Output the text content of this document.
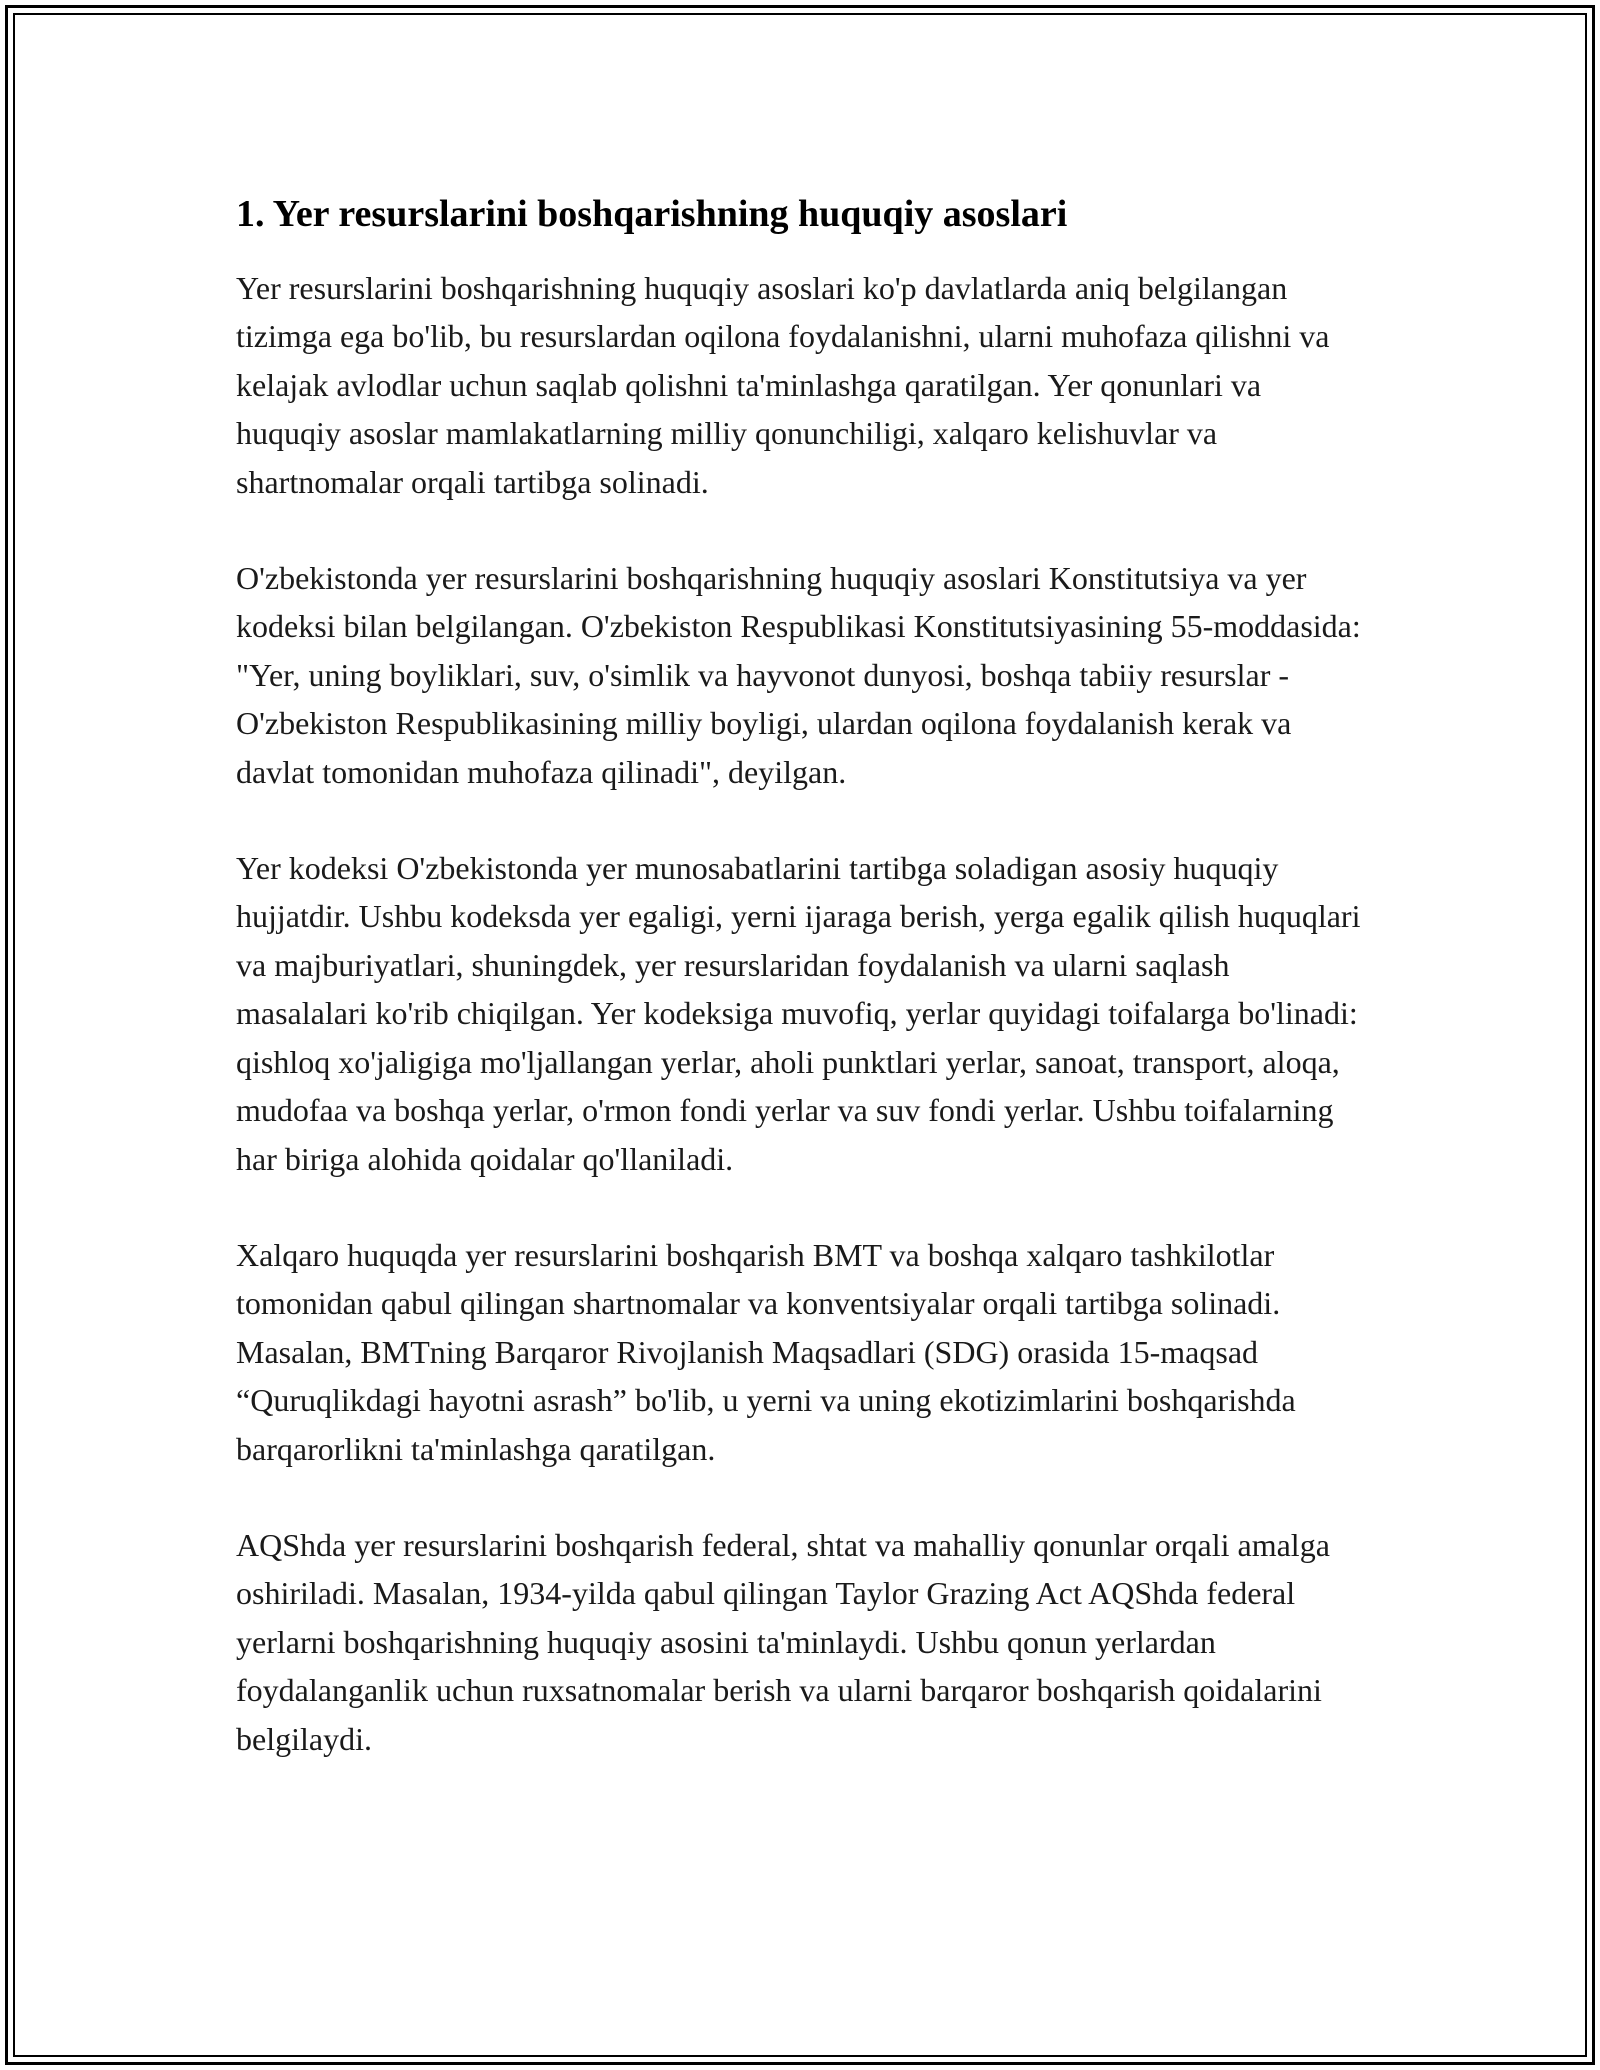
1. Yer resurslarini boshqarishning huquqiy asoslari

Yer resurslarini boshqarishning huquqiy asoslari ko'p davlatlarda aniq belgilangan tizimga ega bo'lib, bu resurslardan oqilona foydalanishni, ularni muhofaza qilishni va kelajak avlodlar uchun saqlab qolishni ta'minlashga qaratilgan. Yer qonunlari va huquqiy asoslar mamlakatlarning milliy qonunchiligi, xalqaro kelishuvlar va shartnomalar orqali tartibga solinadi.

O'zbekistonda yer resurslarini boshqarishning huquqiy asoslari Konstitutsiya va yer kodeksi bilan belgilangan. O'zbekiston Respublikasi Konstitutsiyasining 55-moddasida: "Yer, uning boyliklari, suv, o'simlik va hayvonot dunyosi, boshqa tabiiy resurslar - O'zbekiston Respublikasining milliy boyligi, ulardan oqilona foydalanish kerak va davlat tomonidan muhofaza qilinadi", deyilgan.

Yer kodeksi O'zbekistonda yer munosabatlarini tartibga soladigan asosiy huquqiy hujjatdir. Ushbu kodeksda yer egaligi, yerni ijaraga berish, yerga egalik qilish huquqlari va majburiyatlari, shuningdek, yer resurslaridan foydalanish va ularni saqlash masalalari ko'rib chiqilgan. Yer kodeksiga muvofiq, yerlar quyidagi toifalarga bo'linadi: qishloq xo'jaligiga mo'ljallangan yerlar, aholi punktlari yerlar, sanoat, transport, aloqa, mudofaa va boshqa yerlar, o'rmon fondi yerlar va suv fondi yerlar. Ushbu toifalarning har biriga alohida qoidalar qo'llaniladi.

Xalqaro huquqda yer resurslarini boshqarish BMT va boshqa xalqaro tashkilotlar tomonidan qabul qilingan shartnomalar va konventsiyalar orqali tartibga solinadi. Masalan, BMTning Barqaror Rivojlanish Maqsadlari (SDG) orasida 15-maqsad “Quruqlikdagi hayotni asrash” bo'lib, u yerni va uning ekotizimlarini boshqarishda barqarorlikni ta'minlashga qaratilgan.

AQShda yer resurslarini boshqarish federal, shtat va mahalliy qonunlar orqali amalga oshiriladi. Masalan, 1934-yilda qabul qilingan Taylor Grazing Act AQShda federal yerlarni boshqarishning huquqiy asosini ta'minlaydi. Ushbu qonun yerlardan foydalanganlik uchun ruxsatnomalar berish va ularni barqaror boshqarish qoidalarini belgilaydi.
